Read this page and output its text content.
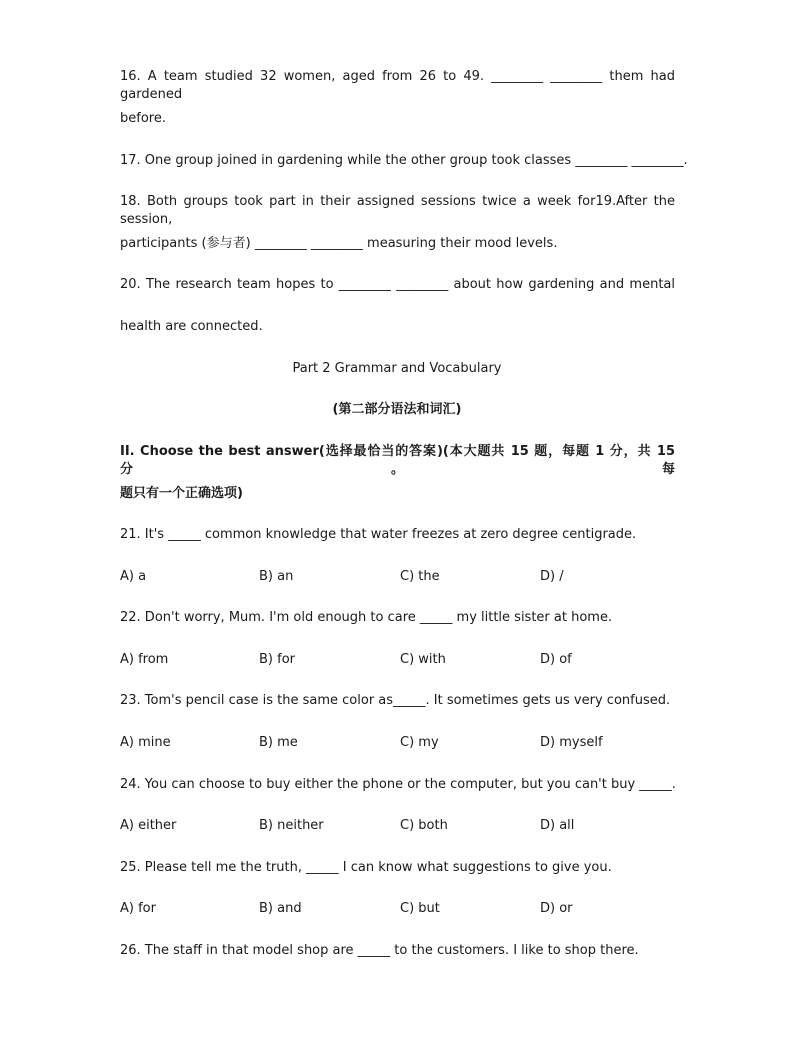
16. A team studied 32 women, aged from 26 to 49. ________ ________ them had gardened
before.
17. One group joined in gardening while the other group took classes ________ ________.
18. Both groups took part in their assigned sessions twice a week for19.After the session,
participants (参与者) ________ ________ measuring their mood levels.
20. The research team hopes to ________ ________ about how gardening and mental
health are connected.
Part 2 Grammar and Vocabulary
(第二部分语法和词汇)
II. Choose the best answer(选择最恰当的答案)(本大题共 15 题，每题 1 分，共 15 分。每
题只有一个正确选项)
21. It's _____ common knowledge that water freezes at zero degree centigrade.
A) a	B) an	C) the	D) /
22. Don't worry, Mum. I'm old enough to care _____ my little sister at home.
A) from	B) for	C) with	D) of
23. Tom's pencil case is the same color as_____. It sometimes gets us very confused.
A) mine	B) me	C) my	D) myself
24. You can choose to buy either the phone or the computer, but you can't buy _____.
A) either	B) neither	C) both	D) all
25. Please tell me the truth, _____ I can know what suggestions to give you.
A) for	B) and	C) but	D) or
26. The staff in that model shop are _____ to the customers. I like to shop there.
